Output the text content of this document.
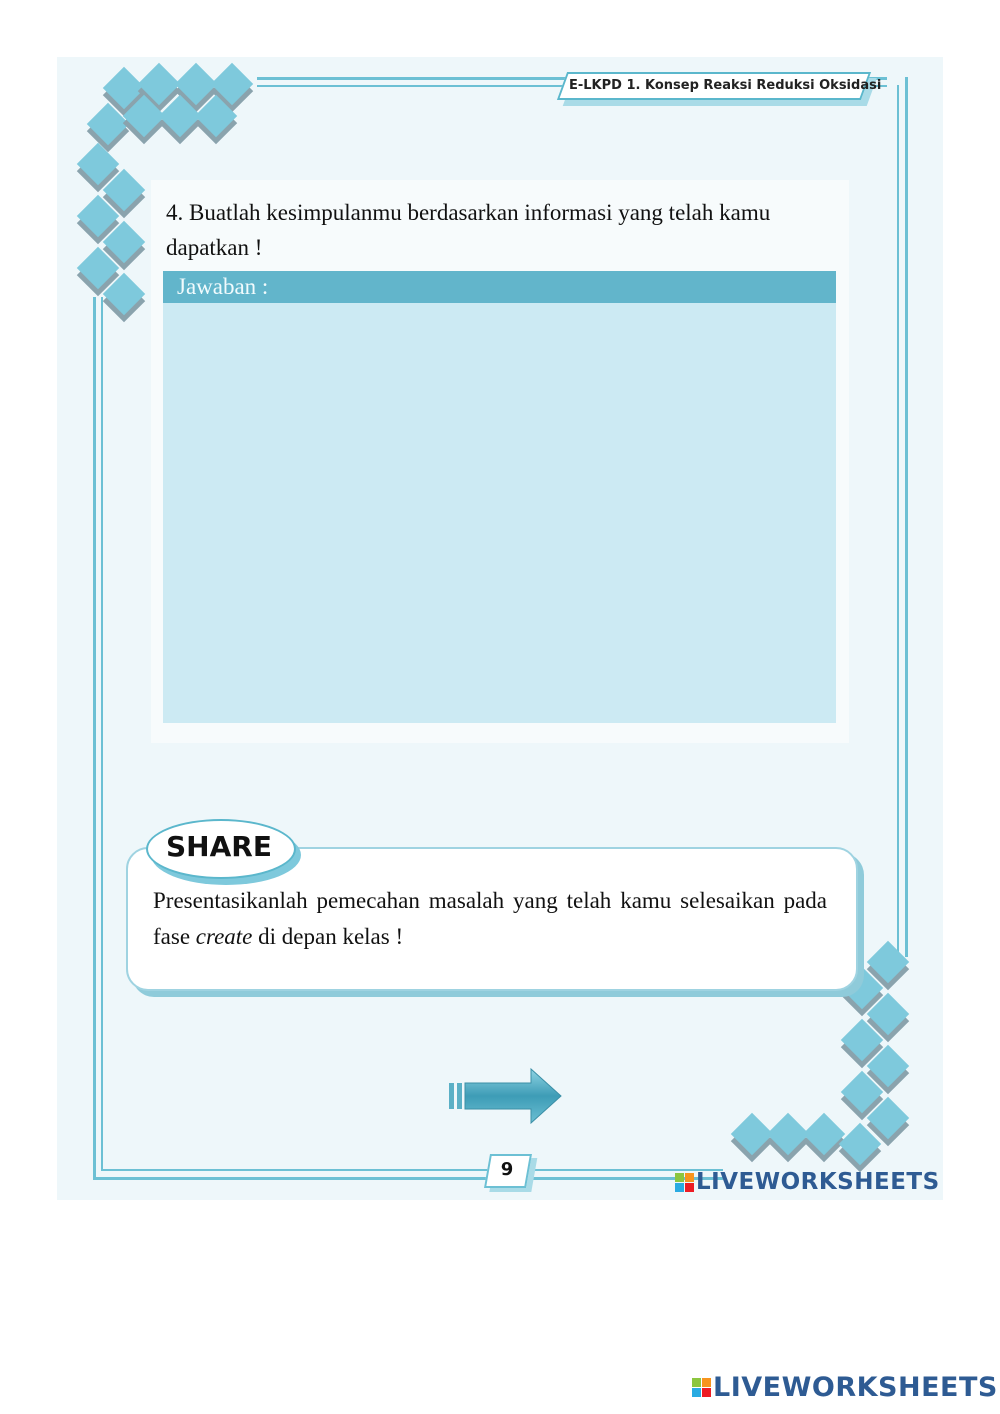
E-LKPD 1. Konsep Reaksi Reduksi Oksidasi
4. Buatlah kesimpulanmu berdasarkan informasi yang telah kamu dapatkan !
Jawaban :
SHARE
Presentasikanlah pemecahan masalah yang telah kamu selesaikan pada fase create di depan kelas !
9	LIVEWORKSHEETS
LIVEWORKSHEETS
